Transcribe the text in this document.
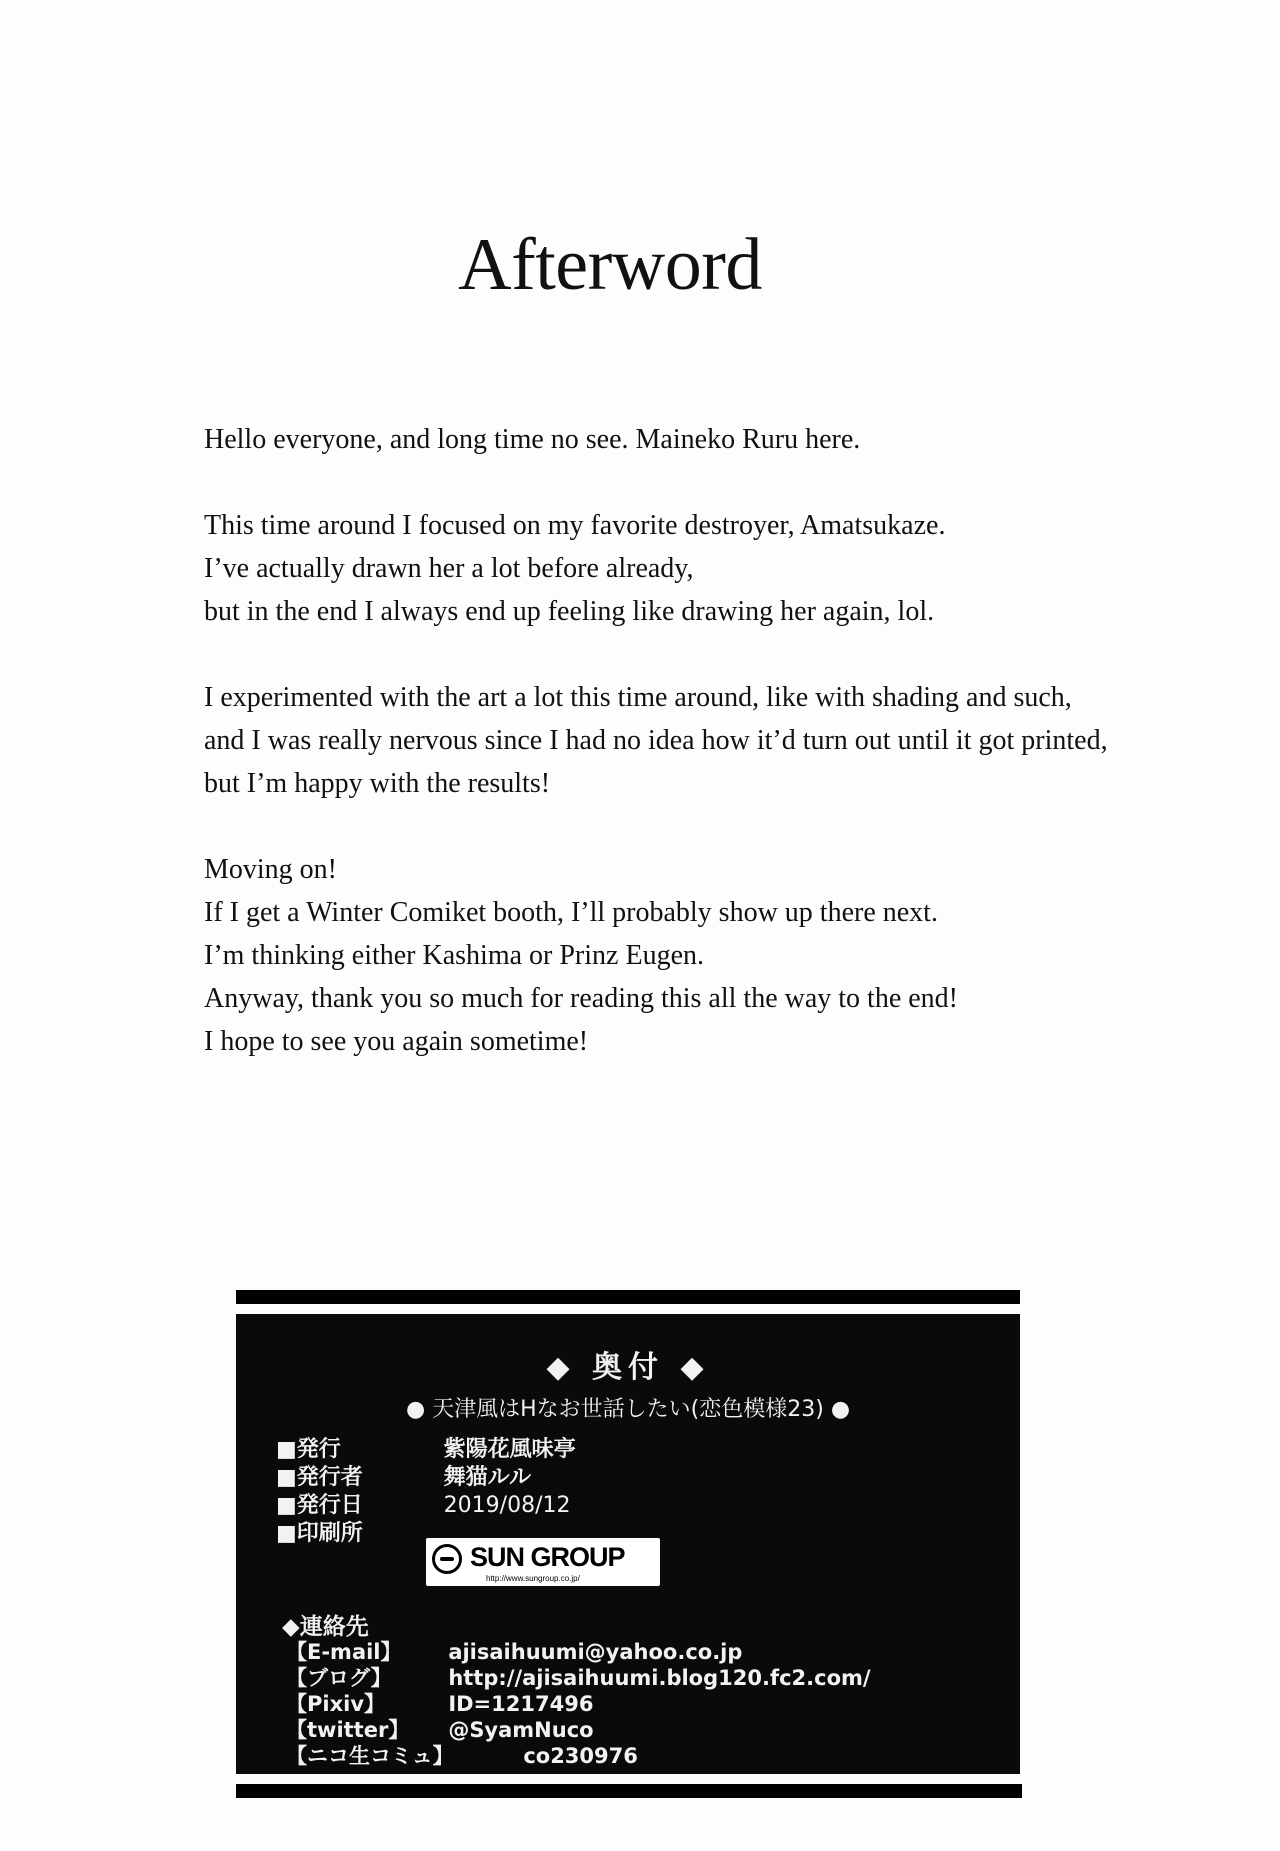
Afterword
Hello everyone, and long time no see. Maineko Ruru here.
This time around I focused on my favorite destroyer, Amatsukaze.
I’ve actually drawn her a lot before already,
but in the end I always end up feeling like drawing her again, lol.
I experimented with the art a lot this time around, like with shading and such,
and I was really nervous since I had no idea how it’d turn out until it got printed,
but I’m happy with the results!
Moving on!
If I get a Winter Comiket booth, I’ll probably show up there next.
I’m thinking either Kashima or Prinz Eugen.
Anyway, thank you so much for reading this all the way to the end!
I hope to see you again sometime!
◆ 奥付 ◆
● 天津風はHなお世話したい(恋色模様23) ●
■発行	紫陽花風味亭
■発行者	舞猫ルル
■発行日	2019/08/12
■印刷所
SUN GROUP
http://www.sungroup.co.jp/
◆連絡先
【E-mail】 ajisaihuumi@yahoo.co.jp
【ブログ】	http://ajisaihuumi.blog120.fc2.com/
【Pixiv】	ID=1217496
【twitter】 @SyamNuco
【ニコ生コミュ】	co230976
